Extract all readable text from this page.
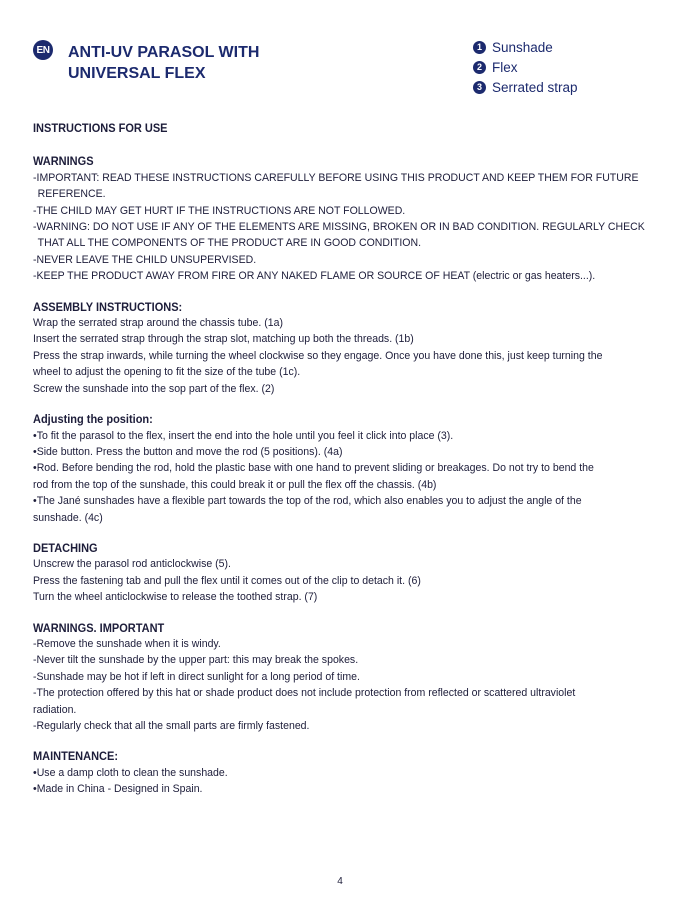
EN ANTI-UV PARASOL WITH
UNIVERSAL FLEX
1 Sunshade
2 Flex
3 Serrated strap
INSTRUCTIONS FOR USE
WARNINGS

-IMPORTANT: READ THESE INSTRUCTIONS CAREFULLY BEFORE USING THIS PRODUCT AND KEEP THEM FOR FUTURE

REFERENCE.

-THE CHILD MAY GET HURT IF THE INSTRUCTIONS ARE NOT FOLLOWED.

-WARNING: DO NOT USE IF ANY OF THE ELEMENTS ARE MISSING, BROKEN OR IN BAD CONDITION. REGULARLY CHECK

THAT ALL THE COMPONENTS OF THE PRODUCT ARE IN GOOD CONDITION.

-NEVER LEAVE THE CHILD UNSUPERVISED.

-KEEP THE PRODUCT AWAY FROM FIRE OR ANY NAKED FLAME OR SOURCE OF HEAT (electric or gas heaters...).

ASSEMBLY INSTRUCTIONS:

Wrap the serrated strap around the chassis tube. (1a)

Insert the serrated strap through the strap slot, matching up both the threads. (1b)

Press the strap inwards, while turning the wheel clockwise so they engage. Once you have done this, just keep turning the

wheel to adjust the opening to fit the size of the tube (1c).

Screw the sunshade into the sop part of the flex. (2)

Adjusting the position:

•To fit the parasol to the flex, insert the end into the hole until you feel it click into place (3).

•Side button. Press the button and move the rod (5 positions). (4a)

•Rod. Before bending the rod, hold the plastic base with one hand to prevent sliding or breakages. Do not try to bend the

rod from the top of the sunshade, this could break it or pull the flex off the chassis. (4b)

•The Jané sunshades have a flexible part towards the top of the rod, which also enables you to adjust the angle of the

sunshade. (4c)

DETACHING

Unscrew the parasol rod anticlockwise (5).

Press the fastening tab and pull the flex until it comes out of the clip to detach it. (6)

Turn the wheel anticlockwise to release the toothed strap. (7)

WARNINGS. IMPORTANT

-Remove the sunshade when it is windy.

-Never tilt the sunshade by the upper part: this may break the spokes.

-Sunshade may be hot if left in direct sunlight for a long period of time.

-The protection offered by this hat or shade product does not include protection from reflected or scattered ultraviolet

radiation.

-Regularly check that all the small parts are firmly fastened.

MAINTENANCE:

•Use a damp cloth to clean the sunshade.

•Made in China - Designed in Spain.

4
